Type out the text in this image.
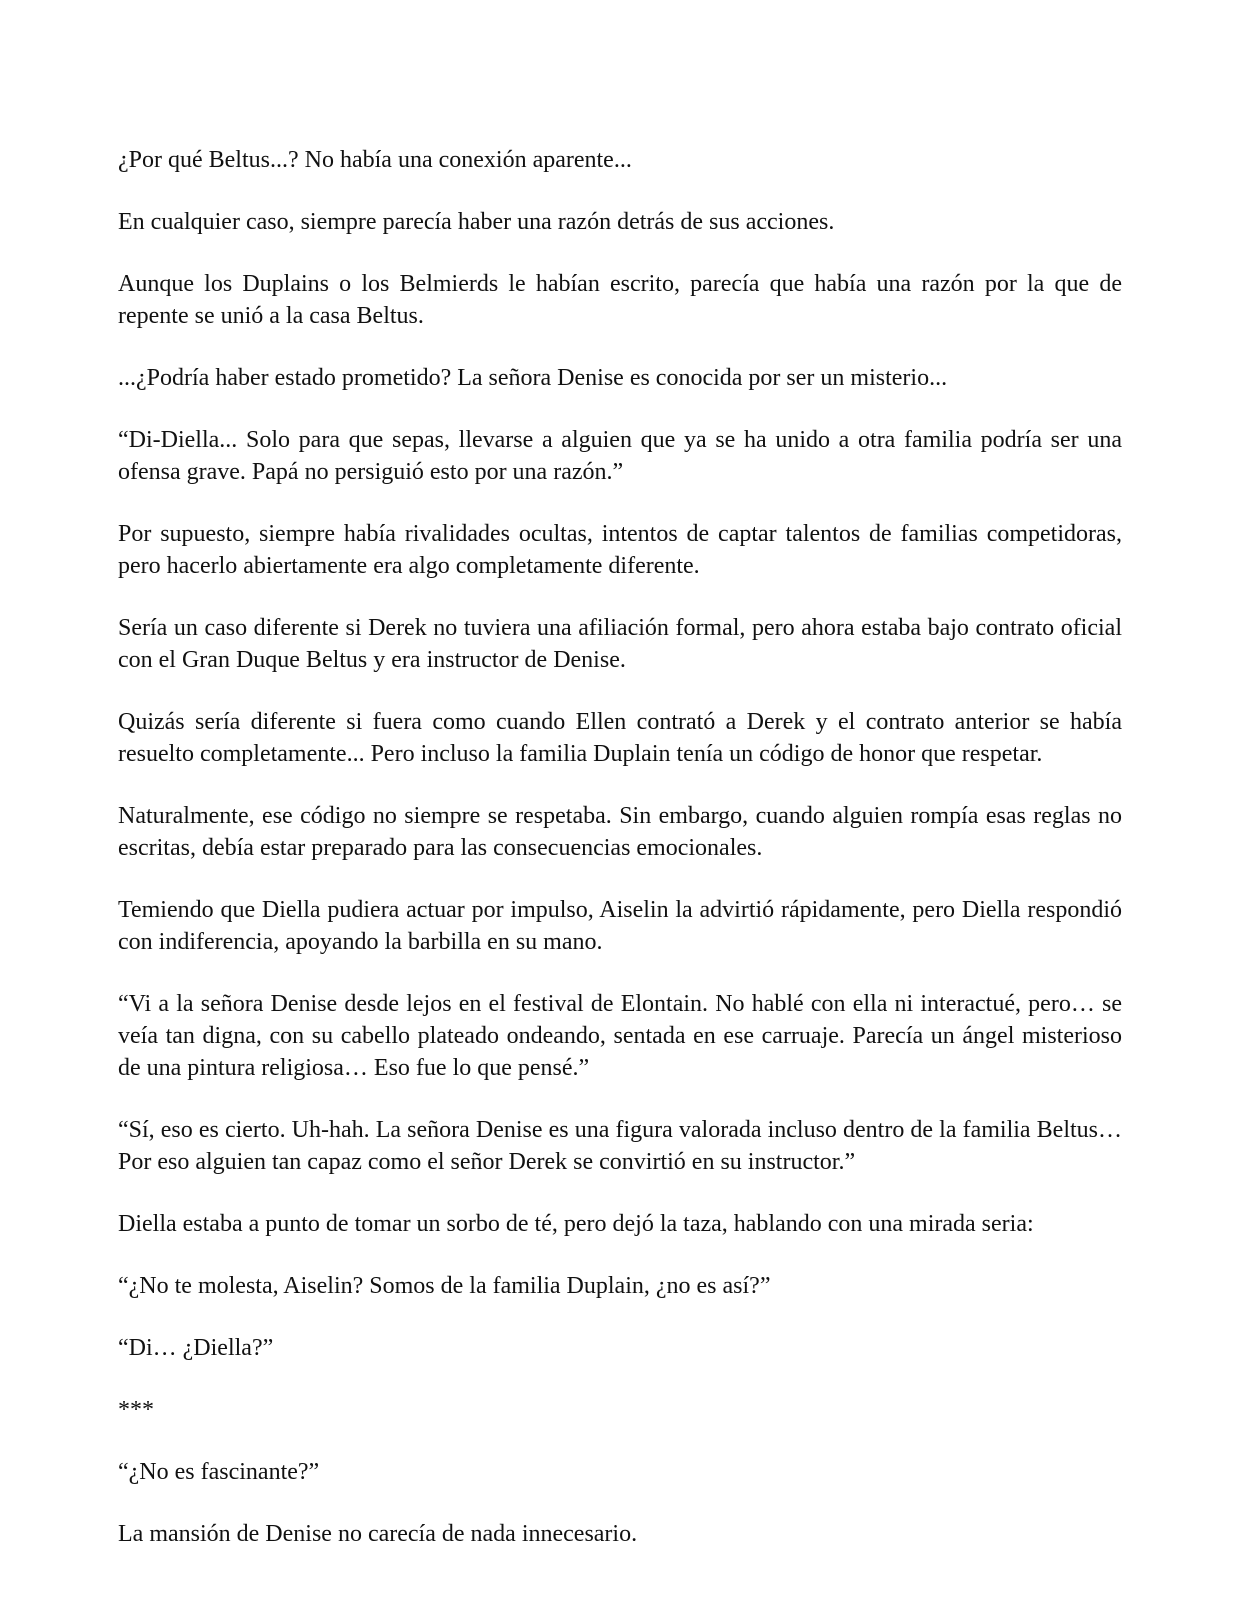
¿Por qué Beltus...? No había una conexión aparente...

En cualquier caso, siempre parecía haber una razón detrás de sus acciones.

Aunque los Duplains o los Belmierds le habían escrito, parecía que había una razón por la que de repente se unió a la casa Beltus.

...¿Podría haber estado prometido? La señora Denise es conocida por ser un misterio...

“Di-Diella... Solo para que sepas, llevarse a alguien que ya se ha unido a otra familia podría ser una ofensa grave. Papá no persiguió esto por una razón.”

Por supuesto, siempre había rivalidades ocultas, intentos de captar talentos de familias competidoras, pero hacerlo abiertamente era algo completamente diferente.

Sería un caso diferente si Derek no tuviera una afiliación formal, pero ahora estaba bajo contrato oficial con el Gran Duque Beltus y era instructor de Denise.

Quizás sería diferente si fuera como cuando Ellen contrató a Derek y el contrato anterior se había resuelto completamente... Pero incluso la familia Duplain tenía un código de honor que respetar.

Naturalmente, ese código no siempre se respetaba. Sin embargo, cuando alguien rompía esas reglas no escritas, debía estar preparado para las consecuencias emocionales.

Temiendo que Diella pudiera actuar por impulso, Aiselin la advirtió rápidamente, pero Diella respondió con indiferencia, apoyando la barbilla en su mano.

“Vi a la señora Denise desde lejos en el festival de Elontain. No hablé con ella ni interactué, pero… se veía tan digna, con su cabello plateado ondeando, sentada en ese carruaje. Parecía un ángel misterioso de una pintura religiosa… Eso fue lo que pensé.”

“Sí, eso es cierto. Uh-hah. La señora Denise es una figura valorada incluso dentro de la familia Beltus… Por eso alguien tan capaz como el señor Derek se convirtió en su instructor.”

Diella estaba a punto de tomar un sorbo de té, pero dejó la taza, hablando con una mirada seria:

“¿No te molesta, Aiselin? Somos de la familia Duplain, ¿no es así?”

“Di… ¿Diella?”

***

“¿No es fascinante?”

La mansión de Denise no carecía de nada innecesario.
